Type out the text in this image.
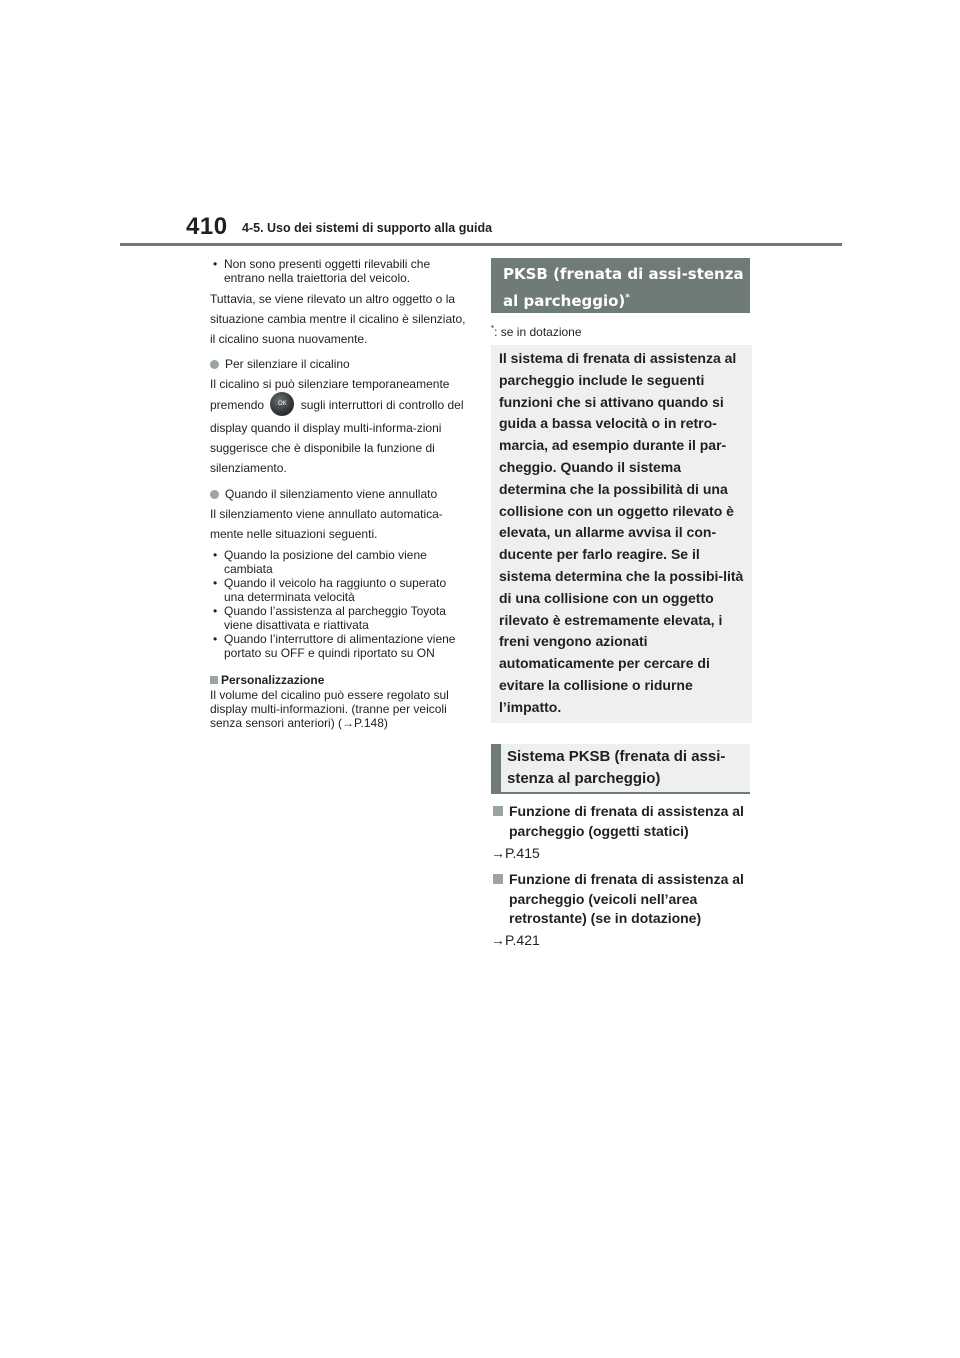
410 4-5. Uso dei sistemi di supporto alla guida

• Non sono presenti oggetti rilevabili che entrano nella traiettoria del veicolo.

Tuttavia, se viene rilevato un altro oggetto o la situazione cambia mentre il cicalino è silenziato, il cicalino suona nuovamente.

Per silenziare il cicalino

Il cicalino si può silenziare temporaneamente premendo OK sugli interruttori di controllo del display quando il display multi-informa-zioni suggerisce che è disponibile la funzione di silenziamento.

Quando il silenziamento viene annullato

Il silenziamento viene annullato automatica-mente nelle situazioni seguenti.

• Quando la posizione del cambio viene cambiata

• Quando il veicolo ha raggiunto o superato una determinata velocità

• Quando l’assistenza al parcheggio Toyota viene disattivata e riattivata

• Quando l’interruttore di alimentazione viene portato su OFF e quindi riportato su ON

Personalizzazione

Il volume del cicalino può essere regolato sul display multi-informazioni. (tranne per veicoli senza sensori anteriori) (→P.148)

PKSB (frenata di assi-stenza al parcheggio)*
*: se in dotazione
Il sistema di frenata di assistenza al parcheggio include le seguenti funzioni che si attivano quando si guida a bassa velocità o in retro-marcia, ad esempio durante il par-cheggio. Quando il sistema determina che la possibilità di una collisione con un oggetto rilevato è elevata, un allarme avvisa il con-ducente per farlo reagire. Se il sistema determina che la possibi-lità di una collisione con un oggetto rilevato è estremamente elevata, i freni vengono azionati automaticamente per cercare di evitare la collisione o ridurne l’impatto.
Sistema PKSB (frenata di assi-stenza al parcheggio)
Funzione di frenata di assistenza al parcheggio (oggetti statici)
→P.415
Funzione di frenata di assistenza al parcheggio (veicoli nell’area retrostante) (se in dotazione)
→P.421
